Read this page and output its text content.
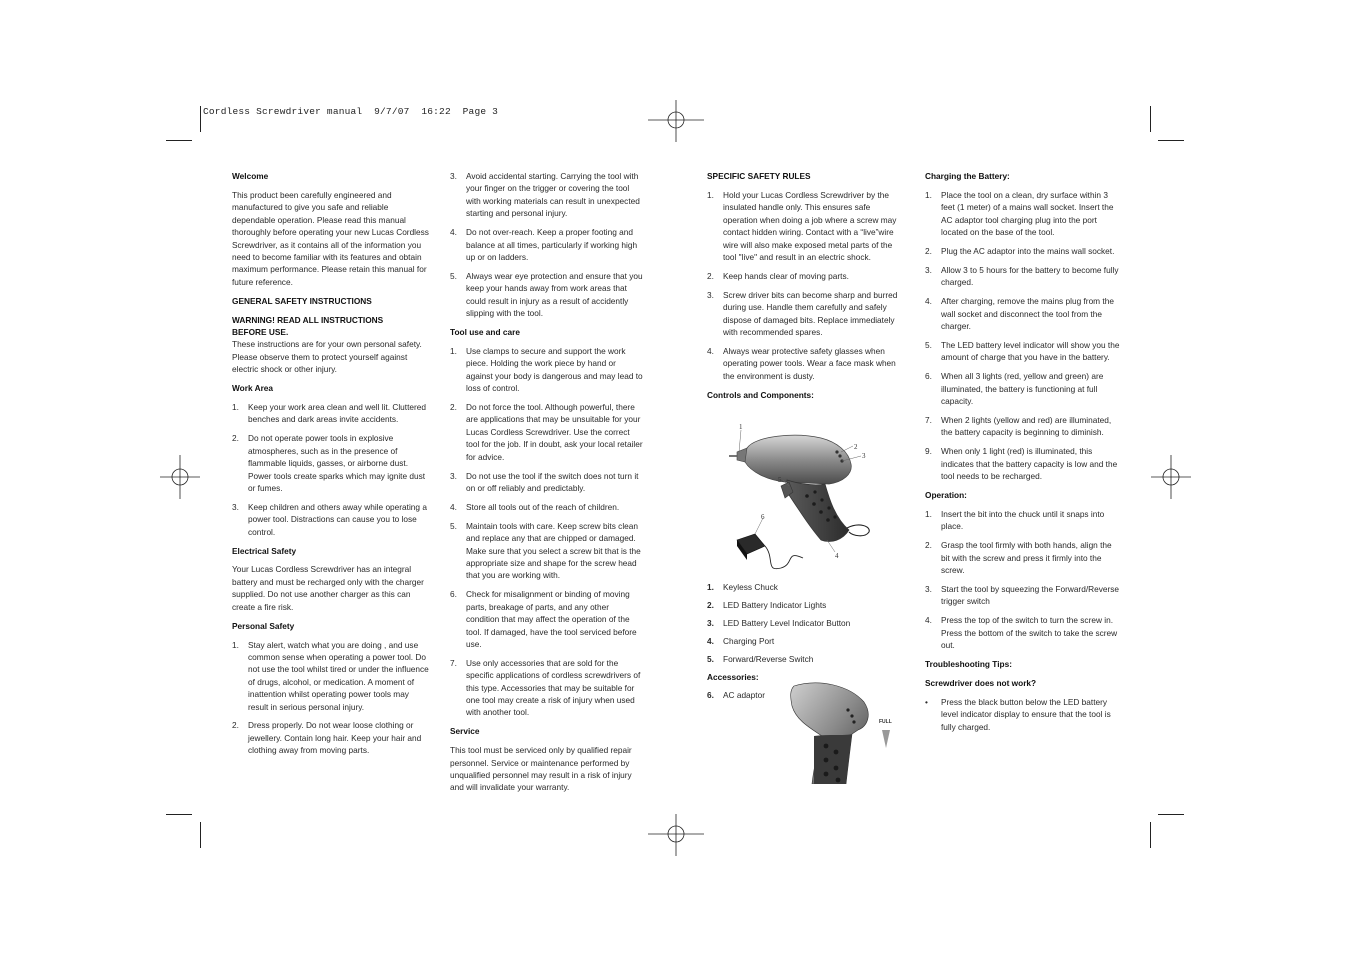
Cordless Screwdriver manual  9/7/07  16:22  Page 3
Welcome

This product been carefully engineered and manufactured to give you safe and reliable dependable operation. Please read this manual thoroughly before operating your new Lucas Cordless Screwdriver, as it contains all of the information you need to become familiar with its features and obtain maximum performance. Please retain this manual for future reference.

GENERAL SAFETY INSTRUCTIONS
WARNING! READ ALL INSTRUCTIONS
BEFORE USE.

These instructions are for your own personal safety. Please observe them to protect yourself against electric shock or other injury.

Work Area
1. Keep your work area clean and well lit. Cluttered benches and dark areas invite accidents.
2. Do not operate power tools in explosive atmospheres, such as in the presence of flammable liquids, gasses, or airborne dust. Power tools create sparks which may ignite dust or fumes.
3. Keep children and others away while operating a power tool. Distractions can cause you to lose control.
Electrical Safety

Your Lucas Cordless Screwdriver has an integral battery and must be recharged only with the charger supplied. Do not use another charger as this can create a fire risk.

Personal Safety
1. Stay alert, watch what you are doing , and use common sense when operating a power tool. Do not use the tool whilst tired or under the influence of drugs, alcohol, or medication. A moment of inattention whilst operating power tools may result in serious personal injury.
2. Dress properly. Do not wear loose clothing or jewellery. Contain long hair. Keep your hair and clothing away from moving parts.
3. Avoid accidental starting. Carrying the tool with your finger on the trigger or covering the tool with working materials can result in unexpected starting and personal injury.
4. Do not over-reach. Keep a proper footing and balance at all times, particularly if working high up or on ladders.
5. Always wear eye protection and ensure that you keep your hands away from work areas that could result in injury as a result of accidently slipping with the tool.
Tool use and care
1. Use clamps to secure and support the work piece. Holding the work piece by hand or against your body is dangerous and may lead to loss of control.
2. Do not force the tool. Although powerful, there are applications that may be unsuitable for your Lucas Cordless Screwdriver. Use the correct tool for the job. If in doubt, ask your local retailer for advice.
3. Do not use the tool if the switch does not turn it on or off reliably and predictably.
4. Store all tools out of the reach of children.
5. Maintain tools with care. Keep screw bits clean and replace any that are chipped or damaged. Make sure that you select a screw bit that is the appropriate size and shape for the screw head that you are working with.
6. Check for misalignment or binding of moving parts, breakage of parts, and any other condition that may affect the operation of the tool. If damaged, have the tool serviced before use.
7. Use only accessories that are sold for the specific applications of cordless screwdrivers of this type. Accessories that may be suitable for one tool may create a risk of injury when used with another tool.
Service

This tool must be serviced only by qualified repair personnel. Service or maintenance performed by unqualified personnel may result in a risk of injury and will invalidate your warranty.

SPECIFIC SAFETY RULES
1. Hold your Lucas Cordless Screwdriver by the insulated handle only. This ensures safe operation when doing a job where a screw may contact hidden wiring. Contact with a “live”wire wire will also make exposed metal parts of the tool "live" and result in an electric shock.
2. Keep hands clear of moving parts.
3. Screw driver bits can become sharp and burred during use. Handle them carefully and safely dispose of damaged bits. Replace immediately with recommended spares.
4. Always wear protective safety glasses when operating power tools. Wear a face mask when the environment is dusty.
Controls and Components:
1
2
3
4
5
6
1. Keyless Chuck
2. LED Battery Indicator Lights
3. LED Battery Level Indicator Button
4. Charging Port
5. Forward/Reverse Switch
Accessories:
6. AC adaptor
FULL
Charging the Battery:
1. Place the tool on a clean, dry surface within 3 feet (1 meter) of a mains wall socket. Insert the AC adaptor tool charging plug into the port located on the base of the tool.
2. Plug the AC adaptor into the mains wall socket.
3. Allow 3 to 5 hours for the battery to become fully charged.
4. After charging, remove the mains plug from the wall socket and disconnect the tool from the charger.
5. The LED battery level indicator will show you the amount of charge that you have in the battery.
6. When all 3 lights (red, yellow and green) are illuminated, the battery is functioning at full capacity.
7. When 2 lights (yellow and red) are illuminated, the battery capacity is beginning to diminish.
9. When only 1 light (red) is illuminated, this indicates that the battery capacity is low and the tool needs to be recharged.
Operation:
1. Insert the bit into the chuck until it snaps into place.
2. Grasp the tool firmly with both hands, align the bit with the screw and press it firmly into the screw.
3. Start the tool by squeezing the Forward/Reverse trigger switch
4. Press the top of the switch to turn the screw in. Press the bottom of the switch to take the screw out.
Troubleshooting Tips:
Screwdriver does not work?
• Press the black button below the LED battery level indicator display to ensure that the tool is fully charged.
